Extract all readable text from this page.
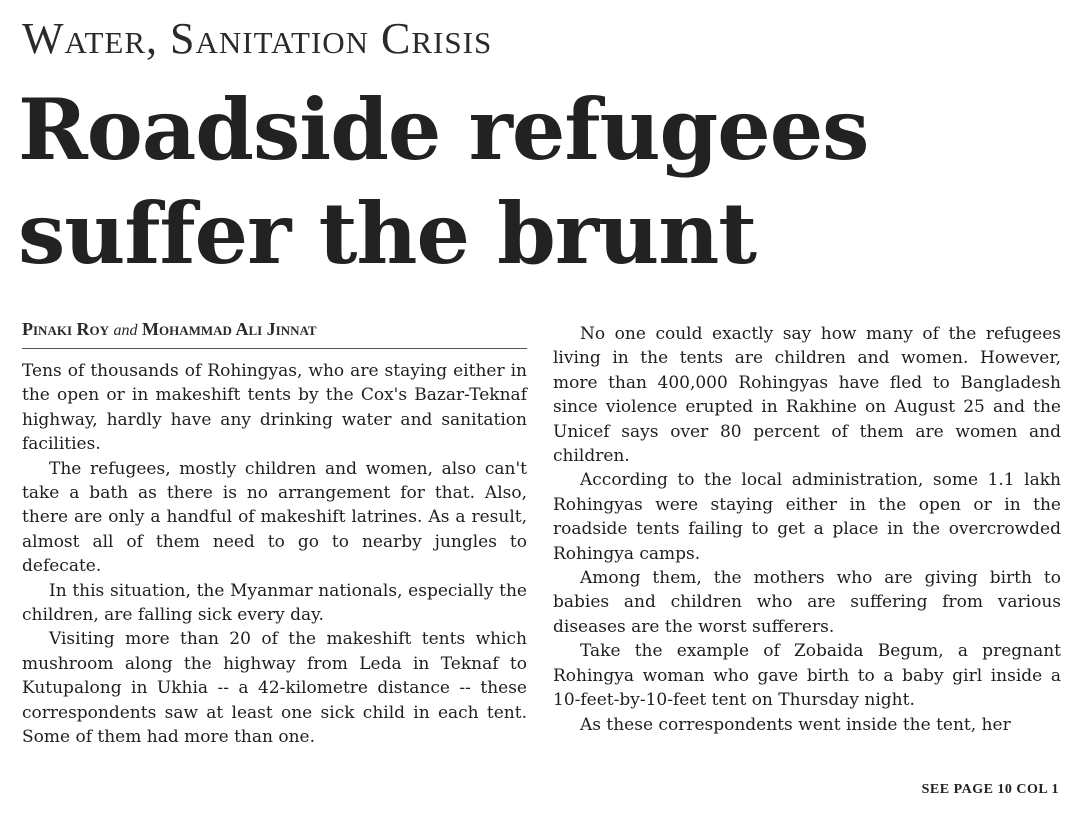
Water, Sanitation Crisis
Roadside refugees
suffer the brunt
Pinaki Roy and Mohammad Ali Jinnat

Tens of thousands of Rohingyas, who are staying either in the open or in makeshift tents by the Cox's Bazar-Teknaf highway, hardly have any drinking water and sanitation facilities.

The refugees, mostly children and women, also can't take a bath as there is no arrangement for that. Also, there are only a handful of makeshift latrines. As a result, almost all of them need to go to nearby jungles to defecate.

In this situation, the Myanmar nationals, especially the children, are falling sick every day.

Visiting more than 20 of the makeshift tents which mushroom along the highway from Leda in Teknaf to Kutupalong in Ukhia -- a 42-kilometre distance -- these correspondents saw at least one sick child in each tent. Some of them had more than one.

No one could exactly say how many of the refugees living in the tents are children and women. However, more than 400,000 Rohingyas have fled to Bangladesh since violence erupted in Rakhine on August 25 and the Unicef says over 80 percent of them are women and children.

According to the local administration, some 1.1 lakh Rohingyas were staying either in the open or in the roadside tents failing to get a place in the overcrowded Rohingya camps.

Among them, the mothers who are giving birth to babies and children who are suffering from various diseases are the worst sufferers.

Take the example of Zobaida Begum, a pregnant Rohingya woman who gave birth to a baby girl inside a 10-feet-by-10-feet tent on Thursday night.

As these correspondents went inside the tent, her

SEE PAGE 10 COL 1
